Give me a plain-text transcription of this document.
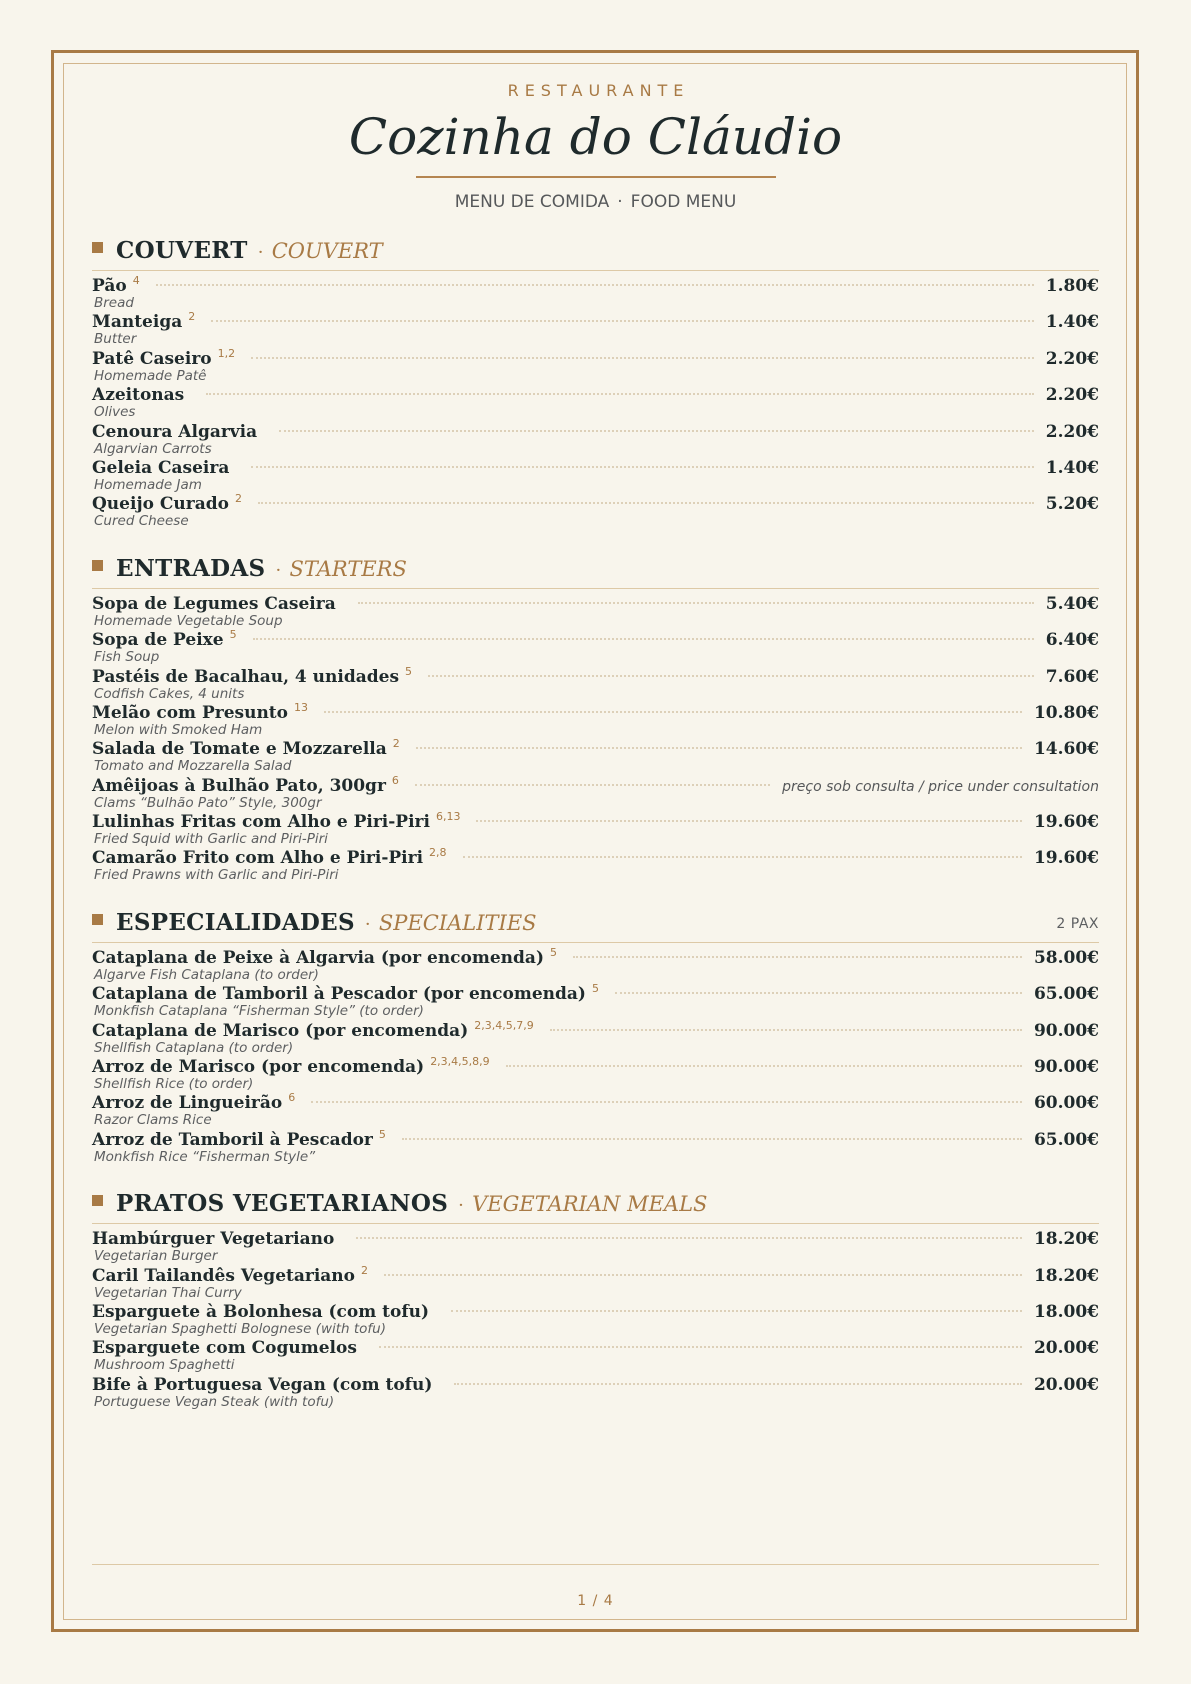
RESTAURANTE
Cozinha do Cláudio
MENU DE COMIDA · FOOD MENU
COUVERT · COUVERT
Pão 4	1.80€
Bread
Manteiga 2	1.40€
Butter
Patê Caseiro 1,2	2.20€
Homemade Patê
Azeitonas	2.20€
Olives
Cenoura Algarvia	2.20€
Algarvian Carrots
Geleia Caseira	1.40€
Homemade Jam
Queijo Curado 2	5.20€
Cured Cheese
ENTRADAS · STARTERS
Sopa de Legumes Caseira	5.40€
Homemade Vegetable Soup
Sopa de Peixe 5	6.40€
Fish Soup
Pastéis de Bacalhau, 4 unidades 5	7.60€
Codfish Cakes, 4 units
Melão com Presunto 13	10.80€
Melon with Smoked Ham
Salada de Tomate e Mozzarella 2	14.60€
Tomato and Mozzarella Salad
Amêijoas à Bulhão Pato, 300gr 6	preço sob consulta / price under consultation
Clams “Bulhão Pato” Style, 300gr
Lulinhas Fritas com Alho e Piri-Piri 6,13	19.60€
Fried Squid with Garlic and Piri-Piri
Camarão Frito com Alho e Piri-Piri 2,8	19.60€
Fried Prawns with Garlic and Piri-Piri
ESPECIALIDADES · SPECIALITIES	2 PAX
Cataplana de Peixe à Algarvia (por encomenda) 5	58.00€
Algarve Fish Cataplana (to order)
Cataplana de Tamboril à Pescador (por encomenda) 5	65.00€
Monkfish Cataplana “Fisherman Style” (to order)
Cataplana de Marisco (por encomenda) 2,3,4,5,7,9	90.00€
Shellfish Cataplana (to order)
Arroz de Marisco (por encomenda) 2,3,4,5,8,9	90.00€
Shellfish Rice (to order)
Arroz de Lingueirão 6	60.00€
Razor Clams Rice
Arroz de Tamboril à Pescador 5	65.00€
Monkfish Rice “Fisherman Style”
PRATOS VEGETARIANOS · VEGETARIAN MEALS
Hambúrguer Vegetariano	18.20€
Vegetarian Burger
Caril Tailandês Vegetariano 2	18.20€
Vegetarian Thai Curry
Esparguete à Bolonhesa (com tofu)	18.00€
Vegetarian Spaghetti Bolognese (with tofu)
Esparguete com Cogumelos	20.00€
Mushroom Spaghetti
Bife à Portuguesa Vegan (com tofu)	20.00€
Portuguese Vegan Steak (with tofu)
1 / 4
